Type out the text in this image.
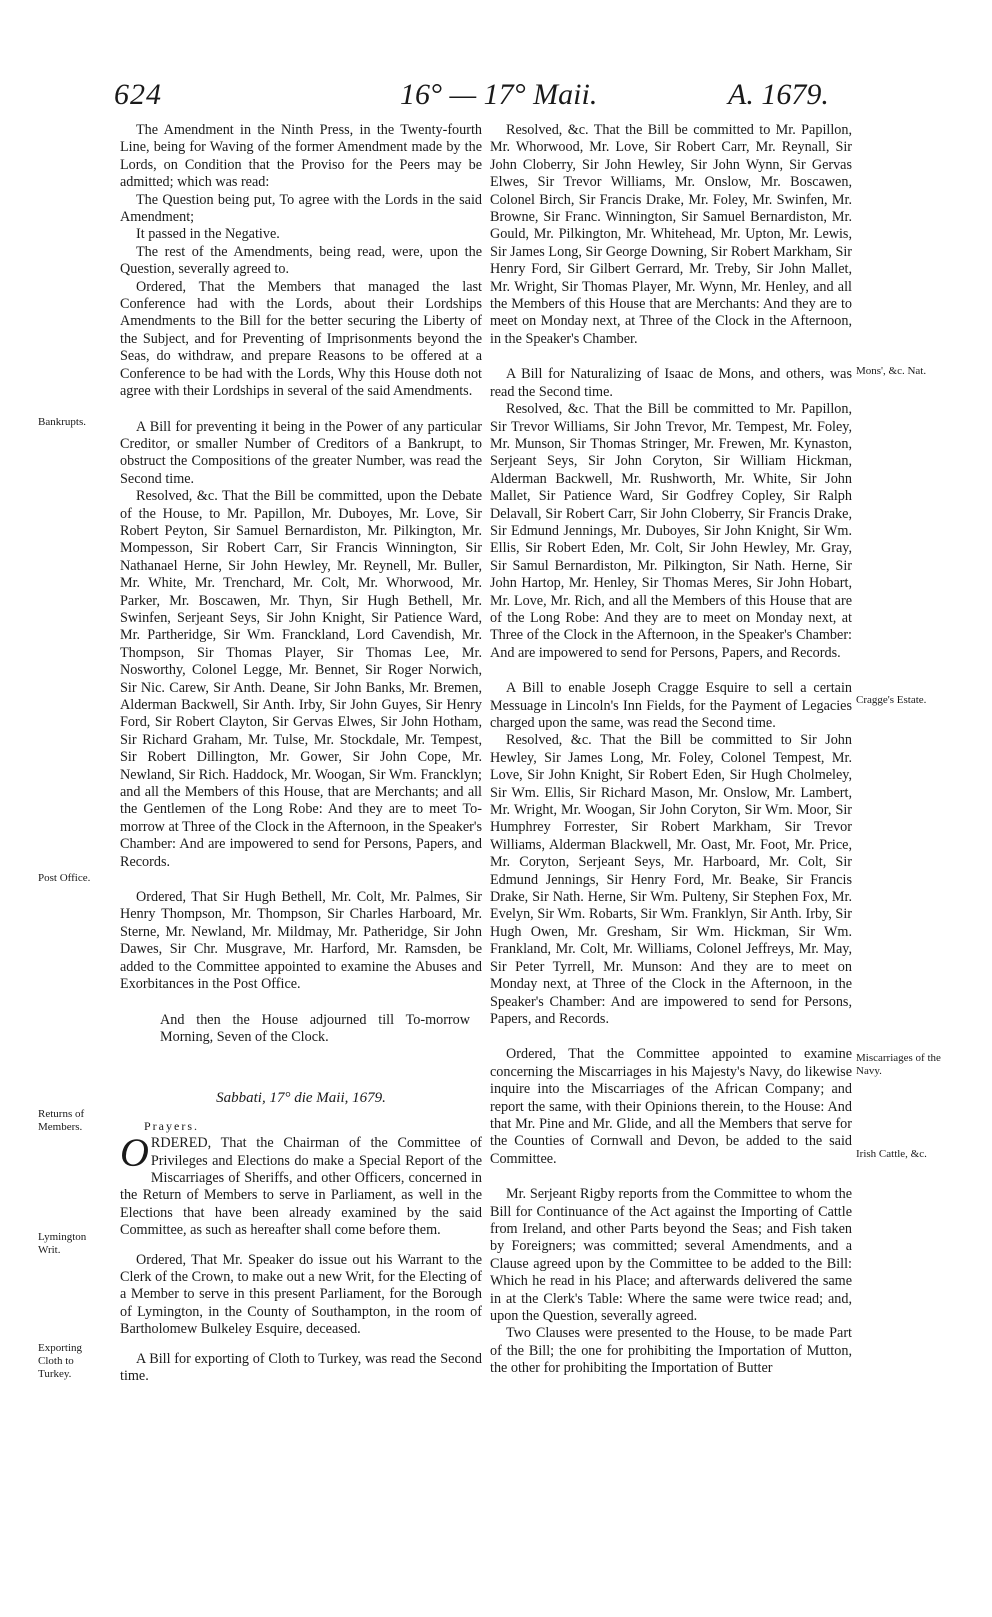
624	16° — 17° Maii.	A. 1679.
Bankrupts.
Post Office.
Returns of Members.
Lymington Writ.
Exporting Cloth to Turkey.
Mons', &c. Nat.
Cragge's Estate.
Miscarriages of the Navy.
Irish Cattle, &c.

The Amendment in the Ninth Press, in the Twenty-fourth Line, being for Waving of the former Amendment made by the Lords, on Condition that the Proviso for the Peers may be admitted; which was read:

The Question being put, To agree with the Lords in the said Amendment;

It passed in the Negative.

The rest of the Amendments, being read, were, upon the Question, severally agreed to.

Ordered, That the Members that managed the last Conference had with the Lords, about their Lordships Amendments to the Bill for the better securing the Liberty of the Subject, and for Preventing of Imprisonments beyond the Seas, do withdraw, and prepare Reasons to be offered at a Conference to be had with the Lords, Why this House doth not agree with their Lordships in several of the said Amendments.

A Bill for preventing it being in the Power of any particular Creditor, or smaller Number of Creditors of a Bankrupt, to obstruct the Compositions of the greater Number, was read the Second time.

Resolved, &c. That the Bill be committed, upon the Debate of the House, to Mr. Papillon, Mr. Duboyes, Mr. Love, Sir Robert Peyton, Sir Samuel Bernardiston, Mr. Pilkington, Mr. Mompesson, Sir Robert Carr, Sir Francis Winnington, Sir Nathanael Herne, Sir John Hewley, Mr. Reynell, Mr. Buller, Mr. White, Mr. Trenchard, Mr. Colt, Mr. Whorwood, Mr. Parker, Mr. Boscawen, Mr. Thyn, Sir Hugh Bethell, Mr. Swinfen, Serjeant Seys, Sir John Knight, Sir Patience Ward, Mr. Partheridge, Sir Wm. Franckland, Lord Cavendish, Mr. Thompson, Sir Thomas Player, Sir Thomas Lee, Mr. Nosworthy, Colonel Legge, Mr. Bennet, Sir Roger Norwich, Sir Nic. Carew, Sir Anth. Deane, Sir John Banks, Mr. Bremen, Alderman Backwell, Sir Anth. Irby, Sir John Guyes, Sir Henry Ford, Sir Robert Clayton, Sir Gervas Elwes, Sir John Hotham, Sir Richard Graham, Mr. Tulse, Mr. Stockdale, Mr. Tempest, Sir Robert Dillington, Mr. Gower, Sir John Cope, Mr. Newland, Sir Rich. Haddock, Mr. Woogan, Sir Wm. Francklyn; and all the Members of this House, that are Merchants; and all the Gentlemen of the Long Robe: And they are to meet To-morrow at Three of the Clock in the Afternoon, in the Speaker's Chamber: And are impowered to send for Persons, Papers, and Records.

Ordered, That Sir Hugh Bethell, Mr. Colt, Mr. Palmes, Sir Henry Thompson, Mr. Thompson, Sir Charles Harboard, Mr. Sterne, Mr. Newland, Mr. Mildmay, Mr. Patheridge, Sir John Dawes, Sir Chr. Musgrave, Mr. Harford, Mr. Ramsden, be added to the Committee appointed to examine the Abuses and Exorbitances in the Post Office.

And then the House adjourned till To-morrow Morning, Seven of the Clock.

Sabbati, 17° die Maii, 1679.

Prayers.

ORDERED, That the Chairman of the Committee of Privileges and Elections do make a Special Report of the Miscarriages of Sheriffs, and other Officers, concerned in the Return of Members to serve in Parliament, as well in the Elections that have been already examined by the said Committee, as such as hereafter shall come before them.

Ordered, That Mr. Speaker do issue out his Warrant to the Clerk of the Crown, to make out a new Writ, for the Electing of a Member to serve in this present Parliament, for the Borough of Lymington, in the County of Southampton, in the room of Bartholomew Bulkeley Esquire, deceased.

A Bill for exporting of Cloth to Turkey, was read the Second time.

Resolved, &c. That the Bill be committed to Mr. Papillon, Mr. Whorwood, Mr. Love, Sir Robert Carr, Mr. Reynall, Sir John Cloberry, Sir John Hewley, Sir John Wynn, Sir Gervas Elwes, Sir Trevor Williams, Mr. Onslow, Mr. Boscawen, Colonel Birch, Sir Francis Drake, Mr. Foley, Mr. Swinfen, Mr. Browne, Sir Franc. Winnington, Sir Samuel Bernardiston, Mr. Gould, Mr. Pilkington, Mr. Whitehead, Mr. Upton, Mr. Lewis, Sir James Long, Sir George Downing, Sir Robert Markham, Sir Henry Ford, Sir Gilbert Gerrard, Mr. Treby, Sir John Mallet, Mr. Wright, Sir Thomas Player, Mr. Wynn, Mr. Henley, and all the Members of this House that are Merchants: And they are to meet on Monday next, at Three of the Clock in the Afternoon, in the Speaker's Chamber.

A Bill for Naturalizing of Isaac de Mons, and others, was read the Second time.

Resolved, &c. That the Bill be committed to Mr. Papillon, Sir Trevor Williams, Sir John Trevor, Mr. Tempest, Mr. Foley, Mr. Munson, Sir Thomas Stringer, Mr. Frewen, Mr. Kynaston, Serjeant Seys, Sir John Coryton, Sir William Hickman, Alderman Backwell, Mr. Rushworth, Mr. White, Sir John Mallet, Sir Patience Ward, Sir Godfrey Copley, Sir Ralph Delavall, Sir Robert Carr, Sir John Cloberry, Sir Francis Drake, Sir Edmund Jennings, Mr. Duboyes, Sir John Knight, Sir Wm. Ellis, Sir Robert Eden, Mr. Colt, Sir John Hewley, Mr. Gray, Sir Samul Bernardiston, Mr. Pilkington, Sir Nath. Herne, Sir John Hartop, Mr. Henley, Sir Thomas Meres, Sir John Hobart, Mr. Love, Mr. Rich, and all the Members of this House that are of the Long Robe: And they are to meet on Monday next, at Three of the Clock in the Afternoon, in the Speaker's Chamber: And are impowered to send for Persons, Papers, and Records.

A Bill to enable Joseph Cragge Esquire to sell a certain Messuage in Lincoln's Inn Fields, for the Payment of Legacies charged upon the same, was read the Second time.

Resolved, &c. That the Bill be committed to Sir John Hewley, Sir James Long, Mr. Foley, Colonel Tempest, Mr. Love, Sir John Knight, Sir Robert Eden, Sir Hugh Cholmeley, Sir Wm. Ellis, Sir Richard Mason, Mr. Onslow, Mr. Lambert, Mr. Wright, Mr. Woogan, Sir John Coryton, Sir Wm. Moor, Sir Humphrey Forrester, Sir Robert Markham, Sir Trevor Williams, Alderman Blackwell, Mr. Oast, Mr. Foot, Mr. Price, Mr. Coryton, Serjeant Seys, Mr. Harboard, Mr. Colt, Sir Edmund Jennings, Sir Henry Ford, Mr. Beake, Sir Francis Drake, Sir Nath. Herne, Sir Wm. Pulteny, Sir Stephen Fox, Mr. Evelyn, Sir Wm. Robarts, Sir Wm. Franklyn, Sir Anth. Irby, Sir Hugh Owen, Mr. Gresham, Sir Wm. Hickman, Sir Wm. Frankland, Mr. Colt, Mr. Williams, Colonel Jeffreys, Mr. May, Sir Peter Tyrrell, Mr. Munson: And they are to meet on Monday next, at Three of the Clock in the Afternoon, in the Speaker's Chamber: And are impowered to send for Persons, Papers, and Records.

Ordered, That the Committee appointed to examine concerning the Miscarriages in his Majesty's Navy, do likewise inquire into the Miscarriages of the African Company; and report the same, with their Opinions therein, to the House: And that Mr. Pine and Mr. Glide, and all the Members that serve for the Counties of Cornwall and Devon, be added to the said Committee.

Mr. Serjeant Rigby reports from the Committee to whom the Bill for Continuance of the Act against the Importing of Cattle from Ireland, and other Parts beyond the Seas; and Fish taken by Foreigners; was committed; several Amendments, and a Clause agreed upon by the Committee to be added to the Bill: Which he read in his Place; and afterwards delivered the same in at the Clerk's Table: Where the same were twice read; and, upon the Question, severally agreed.

Two Clauses were presented to the House, to be made Part of the Bill; the one for prohibiting the Importation of Mutton, the other for prohibiting the Importation of Butter
